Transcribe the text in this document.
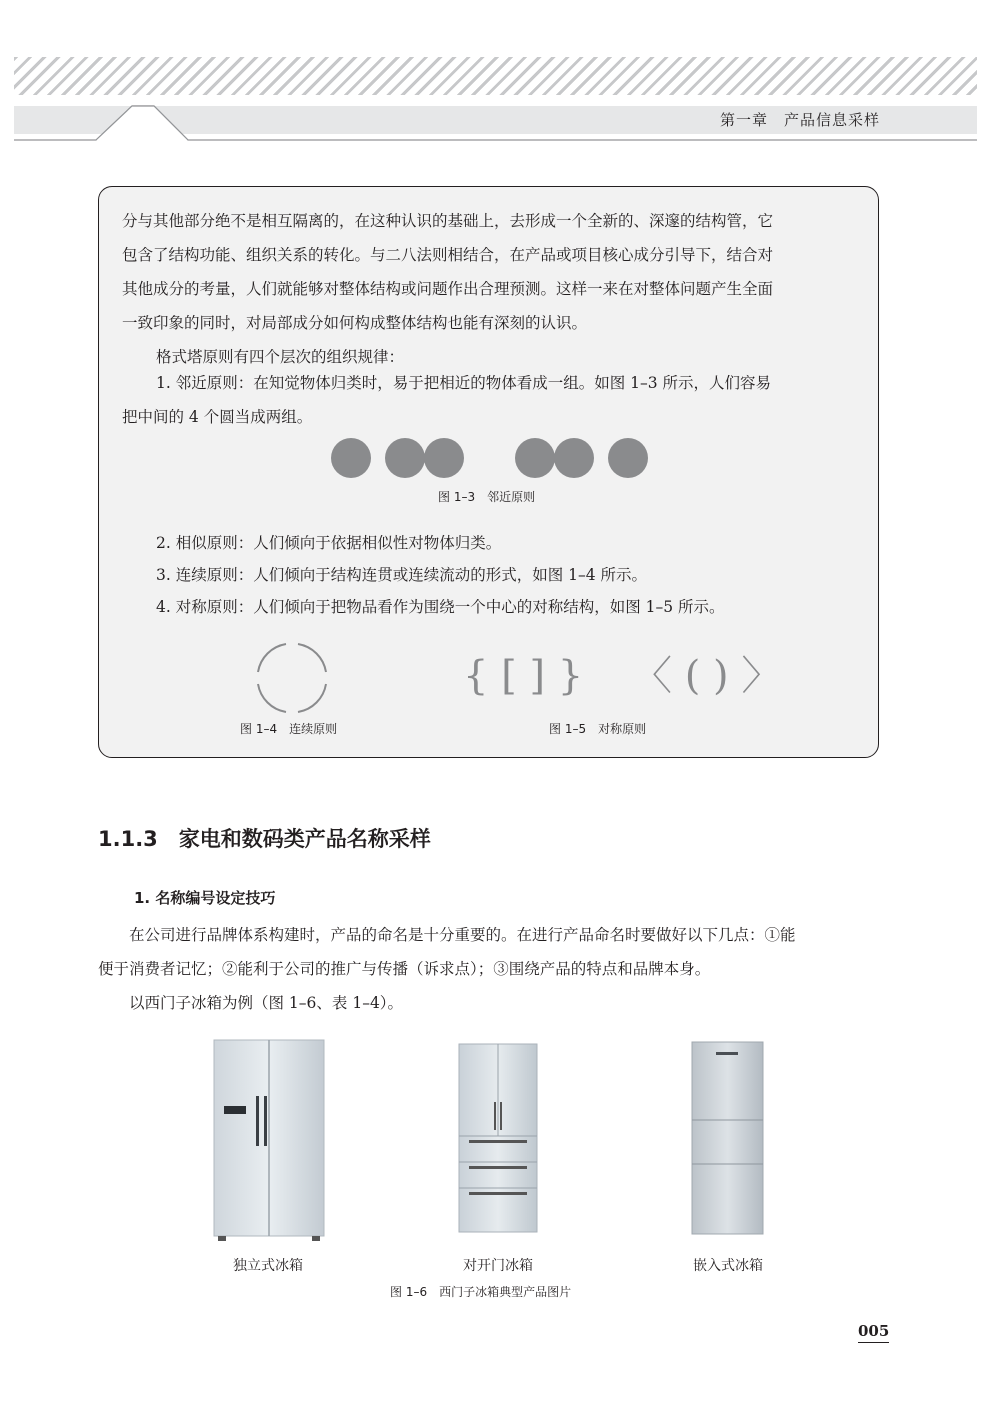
第一章　产品信息采样

分与其他部分绝不是相互隔离的，在这种认识的基础上，去形成一个全新的、深邃的结构管，它
包含了结构功能、组织关系的转化。与二八法则相结合，在产品或项目核心成分引导下，结合对
其他成分的考量，人们就能够对整体结构或问题作出合理预测。这样一来在对整体问题产生全面
一致印象的同时，对局部成分如何构成整体结构也能有深刻的认识。

格式塔原则有四个层次的组织规律：

1. 邻近原则：在知觉物体归类时，易于把相近的物体看成一组。如图 1–3 所示，人们容易
把中间的 4 个圆当成两组。

图 1–3　邻近原则

2. 相似原则：人们倾向于依据相似性对物体归类。

3. 连续原则：人们倾向于结构连贯或连续流动的形式，如图 1–4 所示。

4. 对称原则：人们倾向于把物品看作为围绕一个中心的对称结构，如图 1–5 所示。

图 1–4　连续原则
{ [ ] } 〈 ( ) 〉
图 1–5　对称原则
1.1.3　家电和数码类产品名称采样
1. 名称编号设定技巧

　　在公司进行品牌体系构建时，产品的命名是十分重要的。在进行产品命名时要做好以下几点：①能
便于消费者记忆；②能利于公司的推广与传播（诉求点）；③围绕产品的特点和品牌本身。

　　以西门子冰箱为例（图 1–6、表 1–4）。

独立式冰箱	对开门冰箱	嵌入式冰箱
图 1–6　西门子冰箱典型产品图片
005
